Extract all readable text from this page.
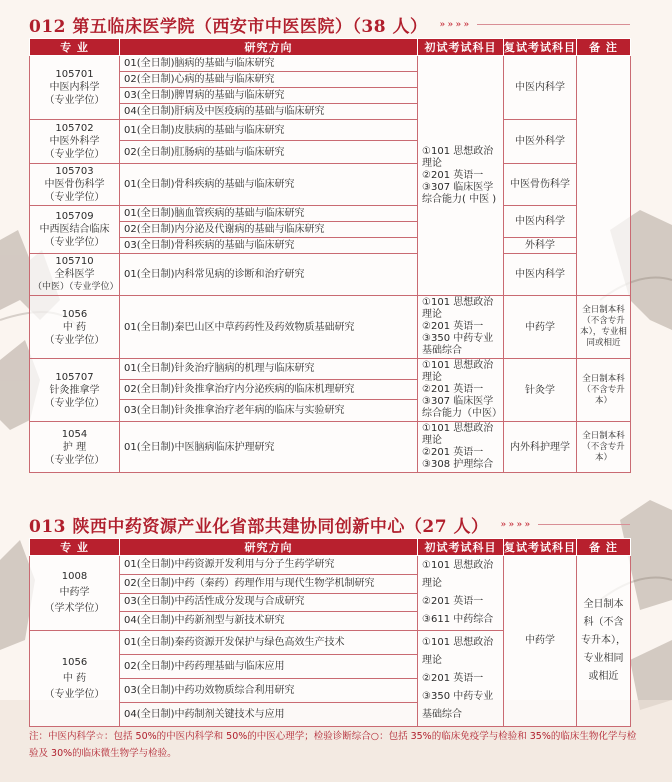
012 第五临床医学院（西安市中医医院）（38 人） » » » »
专 业	研究方向	初试考试科目	复试考试科目	备 注

105701
中医内科学
（专业学位）	01(全日制)脑病的基础与临床研究	①101 思想政治理论
②201 英语一
③307 临床医学综合能力( 中医 )	中医内科学	
	02(全日制)心病的基础与临床研究			
	03(全日制)脾胃病的基础与临床研究			
	04(全日制)肝病及中医疫病的基础与临床研究			

105702
中医外科学
（专业学位）	01(全日制)皮肤病的基础与临床研究		中医外科学	
	02(全日制)肛肠病的基础与临床研究			

105703
中医骨伤科学
（专业学位）	01(全日制)骨科疾病的基础与临床研究		中医骨伤科学	

105709
中西医结合临床
（专业学位）	01(全日制)脑血管疾病的基础与临床研究		中医内科学	
	02(全日制)内分泌及代谢病的基础与临床研究			
	03(全日制)骨科疾病的基础与临床研究		外科学	

105710
全科医学
（中医）（专业学位）	01(全日制)内科常见病的诊断和治疗研究		中医内科学	

1056
中 药
（专业学位）	01(全日制)秦巴山区中草药药性及药效物质基础研究	①101 思想政治理论
②201 英语一
③350 中药专业基础综合	中药学	全日制本科（不含专升本），专业相同或相近

105707
针灸推拿学
（专业学位）	01(全日制)针灸治疗脑病的机理与临床研究	①101 思想政治理论
②201 英语一
③307 临床医学综合能力（中医）	针灸学	全日制本科（不含专升本）
	02(全日制)针灸推拿治疗内分泌疾病的临床机理研究			
	03(全日制)针灸推拿治疗老年病的临床与实验研究			

1054
护 理
（专业学位）	01(全日制)中医脑病临床护理研究	①101 思想政治理论
②201 英语一
③308 护理综合	内外科护理学	全日制本科（不含专升本）
013 陕西中药资源产业化省部共建协同创新中心（27 人） » » » »
专 业	研究方向	初试考试科目	复试考试科目	备 注

1008
中药学
（学术学位）	01(全日制)中药资源开发利用与分子生药学研究	①101 思想政治理论
②201 英语一
③611 中药综合	中药学	全日制本科（不含专升本），专业相同或相近
	02(全日制)中药（秦药）药理作用与现代生物学机制研究			
	03(全日制)中药活性成分发现与合成研究			
	04(全日制)中药新剂型与新技术研究			

1056
中 药
（专业学位）	01(全日制)秦药资源开发保护与绿色高效生产技术	①101 思想政治理论
②201 英语一
③350 中药专业基础综合		

	02(全日制)中药药理基础与临床应用			
	03(全日制)中药功效物质综合利用研究			
	04(全日制)中药制剂关键技术与应用			
注：中医内科学☆：包括 50%的中医内科学和 50%的中医心理学；检验诊断综合○：包括 35%的临床免疫学与检验和 35%的临床生物化学与检验及 30%的临床微生物学与检验。
